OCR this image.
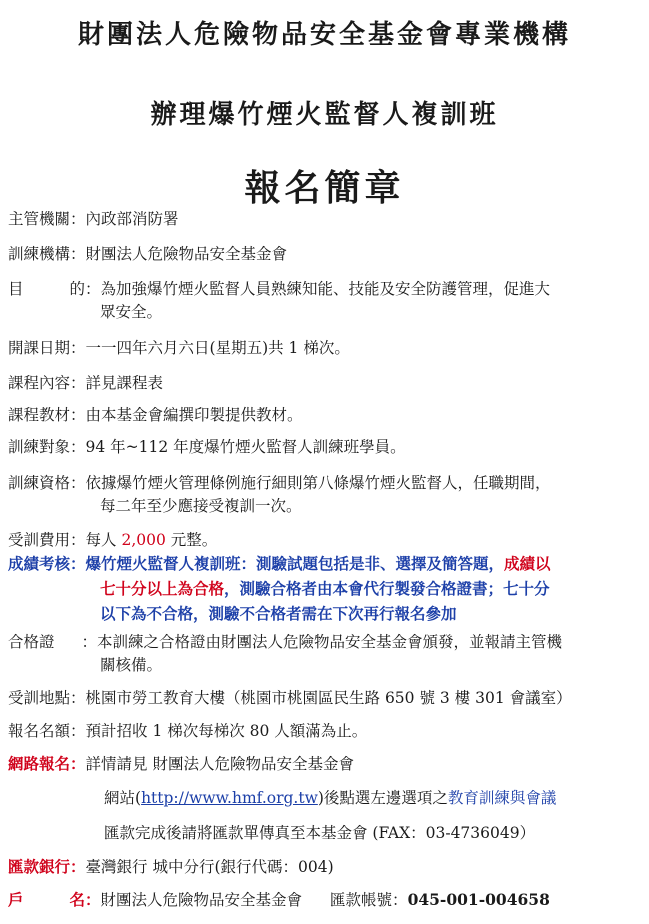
財團法人危險物品安全基金會專業機構
辦理爆竹煙火監督人複訓班
報名簡章
主管機關：內政部消防署
訓練機構：財團法人危險物品安全基金會
目	的：為加強爆竹煙火監督人員熟練知能、技能及安全防護管理，促進大
眾安全。
開課日期：一一四年六月六日(星期五)共 1 梯次。
課程內容：詳見課程表
課程教材：由本基金會編撰印製提供教材。
訓練對象：94 年~112 年度爆竹煙火監督人訓練班學員。
訓練資格：依據爆竹煙火管理條例施行細則第八條爆竹煙火監督人，任職期間，
每二年至少應接受複訓一次。
受訓費用：每人 2,000 元整。
成績考核：爆竹煙火監督人複訓班：測驗試題包括是非、選擇及簡答題，成績以
七十分以上為合格，測驗合格者由本會代行製發合格證書；七十分
以下為不合格，測驗不合格者需在下次再行報名參加
合格證 ：本訓練之合格證由財團法人危險物品安全基金會頒發，並報請主管機
關核備。
受訓地點：桃園市勞工教育大樓（桃園市桃園區民生路 650 號 3 樓 301 會議室）
報名名額：預計招收 1 梯次每梯次 80 人額滿為止。
網路報名：詳情請見 財團法人危險物品安全基金會
網站(http://www.hmf.org.tw)後點選左邊選項之教育訓練與會議
匯款完成後請將匯款單傳真至本基金會 (FAX：03-4736049）
匯款銀行：臺灣銀行 城中分行(銀行代碼：004)
戶	名：財團法人危險物品安全基金會 匯款帳號：045-001-004658
